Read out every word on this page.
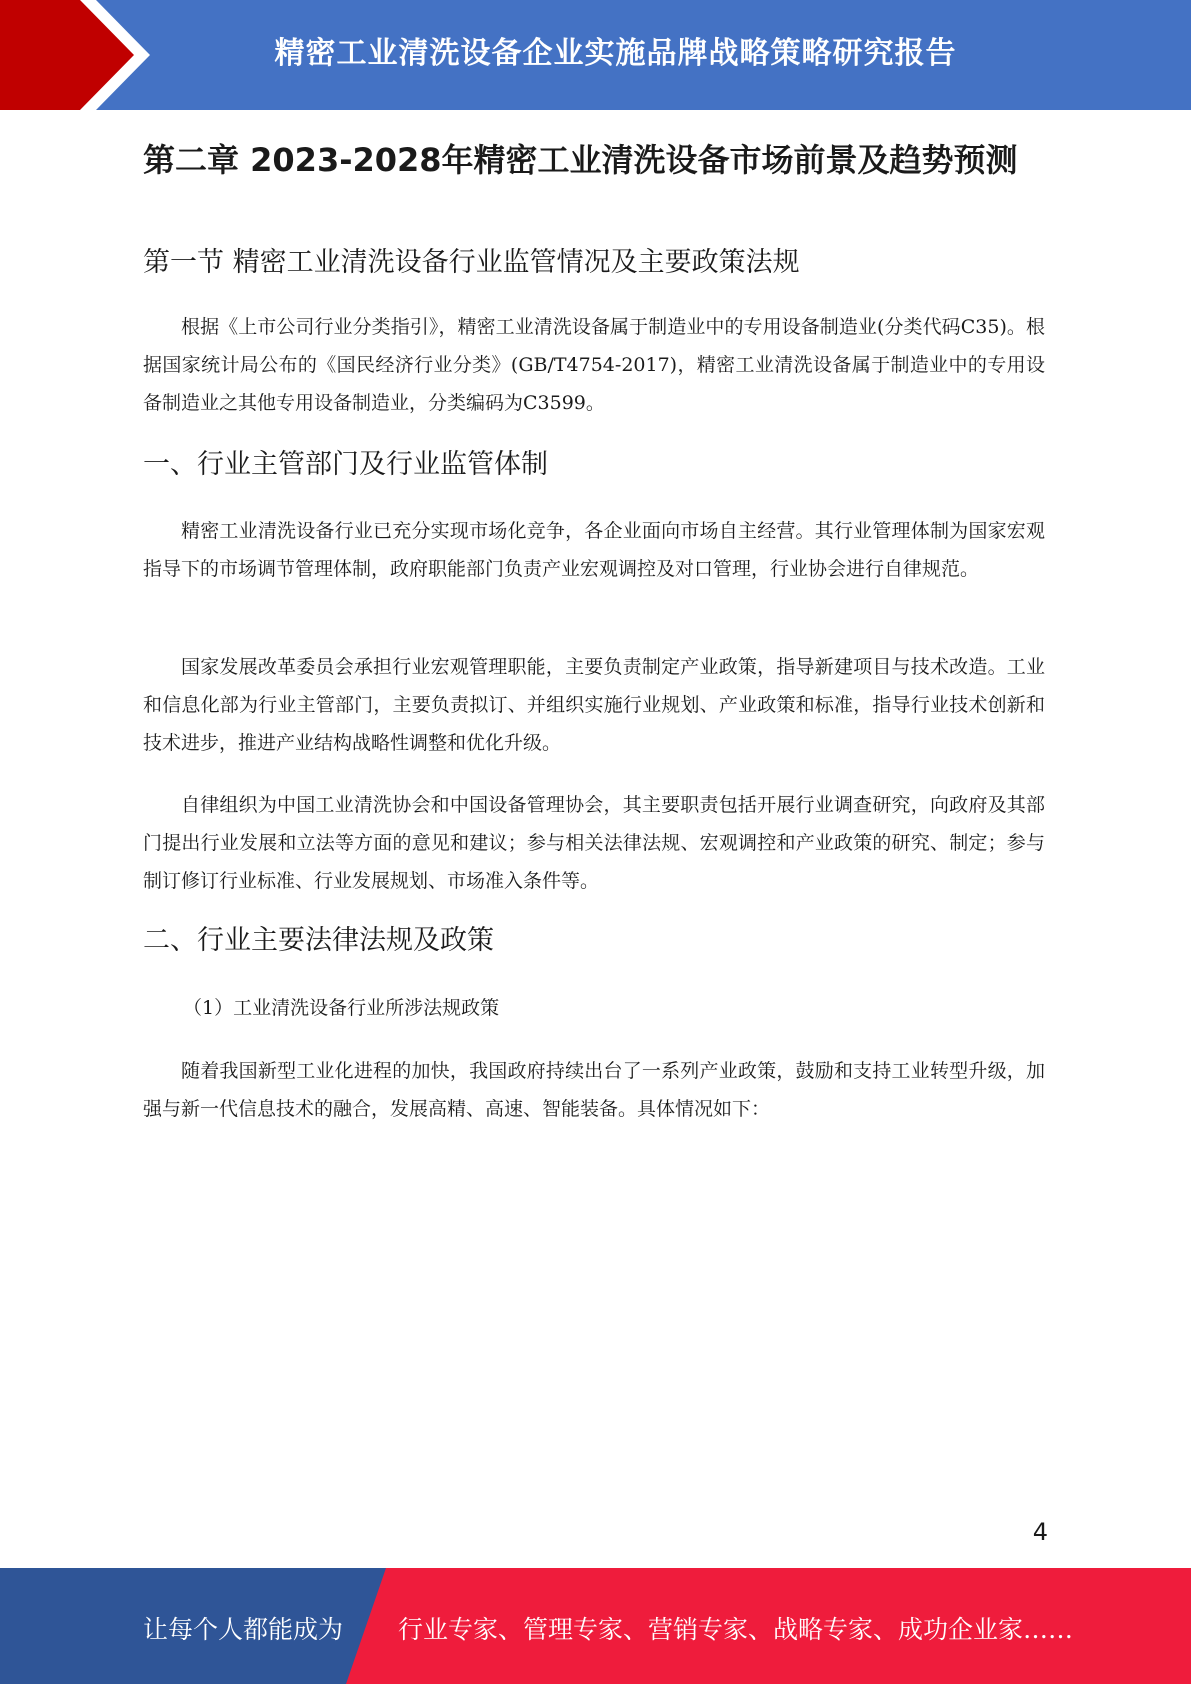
精密工业清洗设备企业实施品牌战略策略研究报告
第二章 2023-2028年精密工业清洗设备市场前景及趋势预测
第一节 精密工业清洗设备行业监管情况及主要政策法规

根据《上市公司行业分类指引》，精密工业清洗设备属于制造业中的专用设备制造业(分类代码C35)。根据国家统计局公布的《国民经济行业分类》(GB/T4754-2017)，精密工业清洗设备属于制造业中的专用设备制造业之其他专用设备制造业，分类编码为C3599。

一、行业主管部门及行业监管体制

精密工业清洗设备行业已充分实现市场化竞争，各企业面向市场自主经营。其行业管理体制为国家宏观指导下的市场调节管理体制，政府职能部门负责产业宏观调控及对口管理，行业协会进行自律规范。

国家发展改革委员会承担行业宏观管理职能，主要负责制定产业政策，指导新建项目与技术改造。工业和信息化部为行业主管部门，主要负责拟订、并组织实施行业规划、产业政策和标准，指导行业技术创新和技术进步，推进产业结构战略性调整和优化升级。

自律组织为中国工业清洗协会和中国设备管理协会，其主要职责包括开展行业调查研究，向政府及其部门提出行业发展和立法等方面的意见和建议；参与相关法律法规、宏观调控和产业政策的研究、制定；参与制订修订行业标准、行业发展规划、市场准入条件等。

二、行业主要法律法规及政策

（1）工业清洗设备行业所涉法规政策

随着我国新型工业化进程的加快，我国政府持续出台了一系列产业政策，鼓励和支持工业转型升级，加强与新一代信息技术的融合，发展高精、高速、智能装备。具体情况如下：

4
让每个人都能成为 行业专家、管理专家、营销专家、战略专家、成功企业家……
